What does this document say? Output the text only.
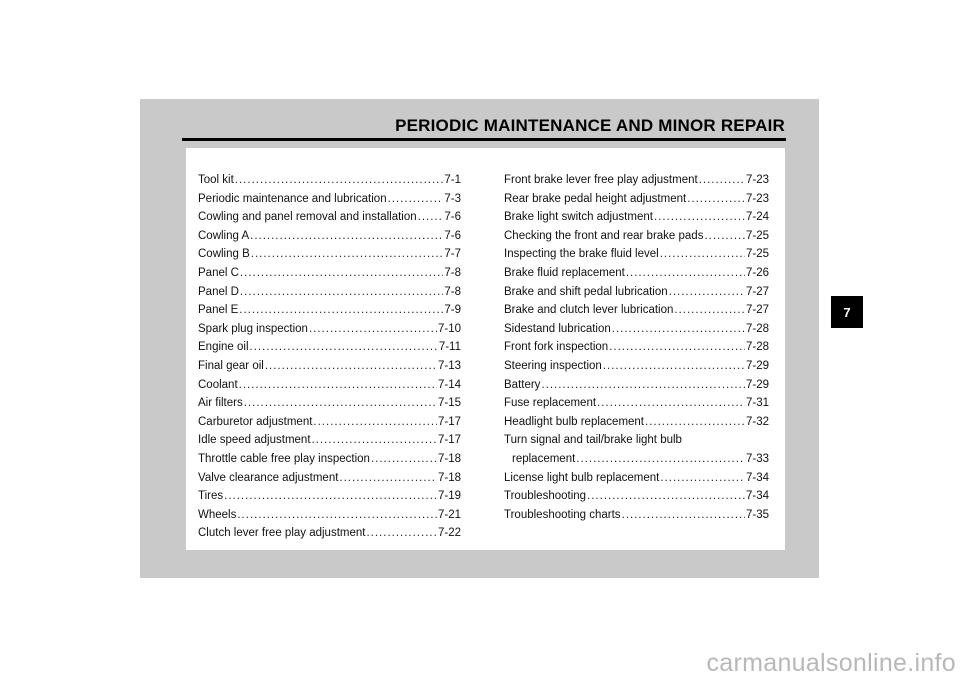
PERIODIC MAINTENANCE AND MINOR REPAIR
Tool kit .....	7-1
Periodic maintenance and lubrication .....	7-3
Cowling and panel removal and installation ..... 7-6
Cowling A .....	7-6
Cowling B .....	7-7
Panel C .....	7-8
Panel D .....	7-8
Panel E .....	7-9
Spark plug inspection .....	7-10
Engine oil .....	7-11
Final gear oil .....	7-13
Coolant .....	7-14
Air filters .....	7-15
Carburetor adjustment .....	7-17
Idle speed adjustment .....	7-17
Throttle cable free play inspection .....	7-18
Valve clearance adjustment .....	7-18
Tires .....	7-19
Wheels .....	7-21
Clutch lever free play adjustment .....	7-22
Front brake lever free play adjustment .....	7-23
Rear brake pedal height adjustment .....	7-23
Brake light switch adjustment .....	7-24
Checking the front and rear brake pads .....	7-25
Inspecting the brake fluid level .....	7-25
Brake fluid replacement .....	7-26
Brake and shift pedal lubrication .....	7-27
Brake and clutch lever lubrication .....	7-27
Sidestand lubrication .....	7-28
Front fork inspection .....	7-28
Steering inspection .....	7-29
Battery .....	7-29
Fuse replacement .....	7-31
Headlight bulb replacement .....	7-32
Turn signal and tail/brake light bulb
replacement .....	7-33
License light bulb replacement .....	7-34
Troubleshooting .....	7-34
Troubleshooting charts .....	7-35
7
carmanualsonline.info
